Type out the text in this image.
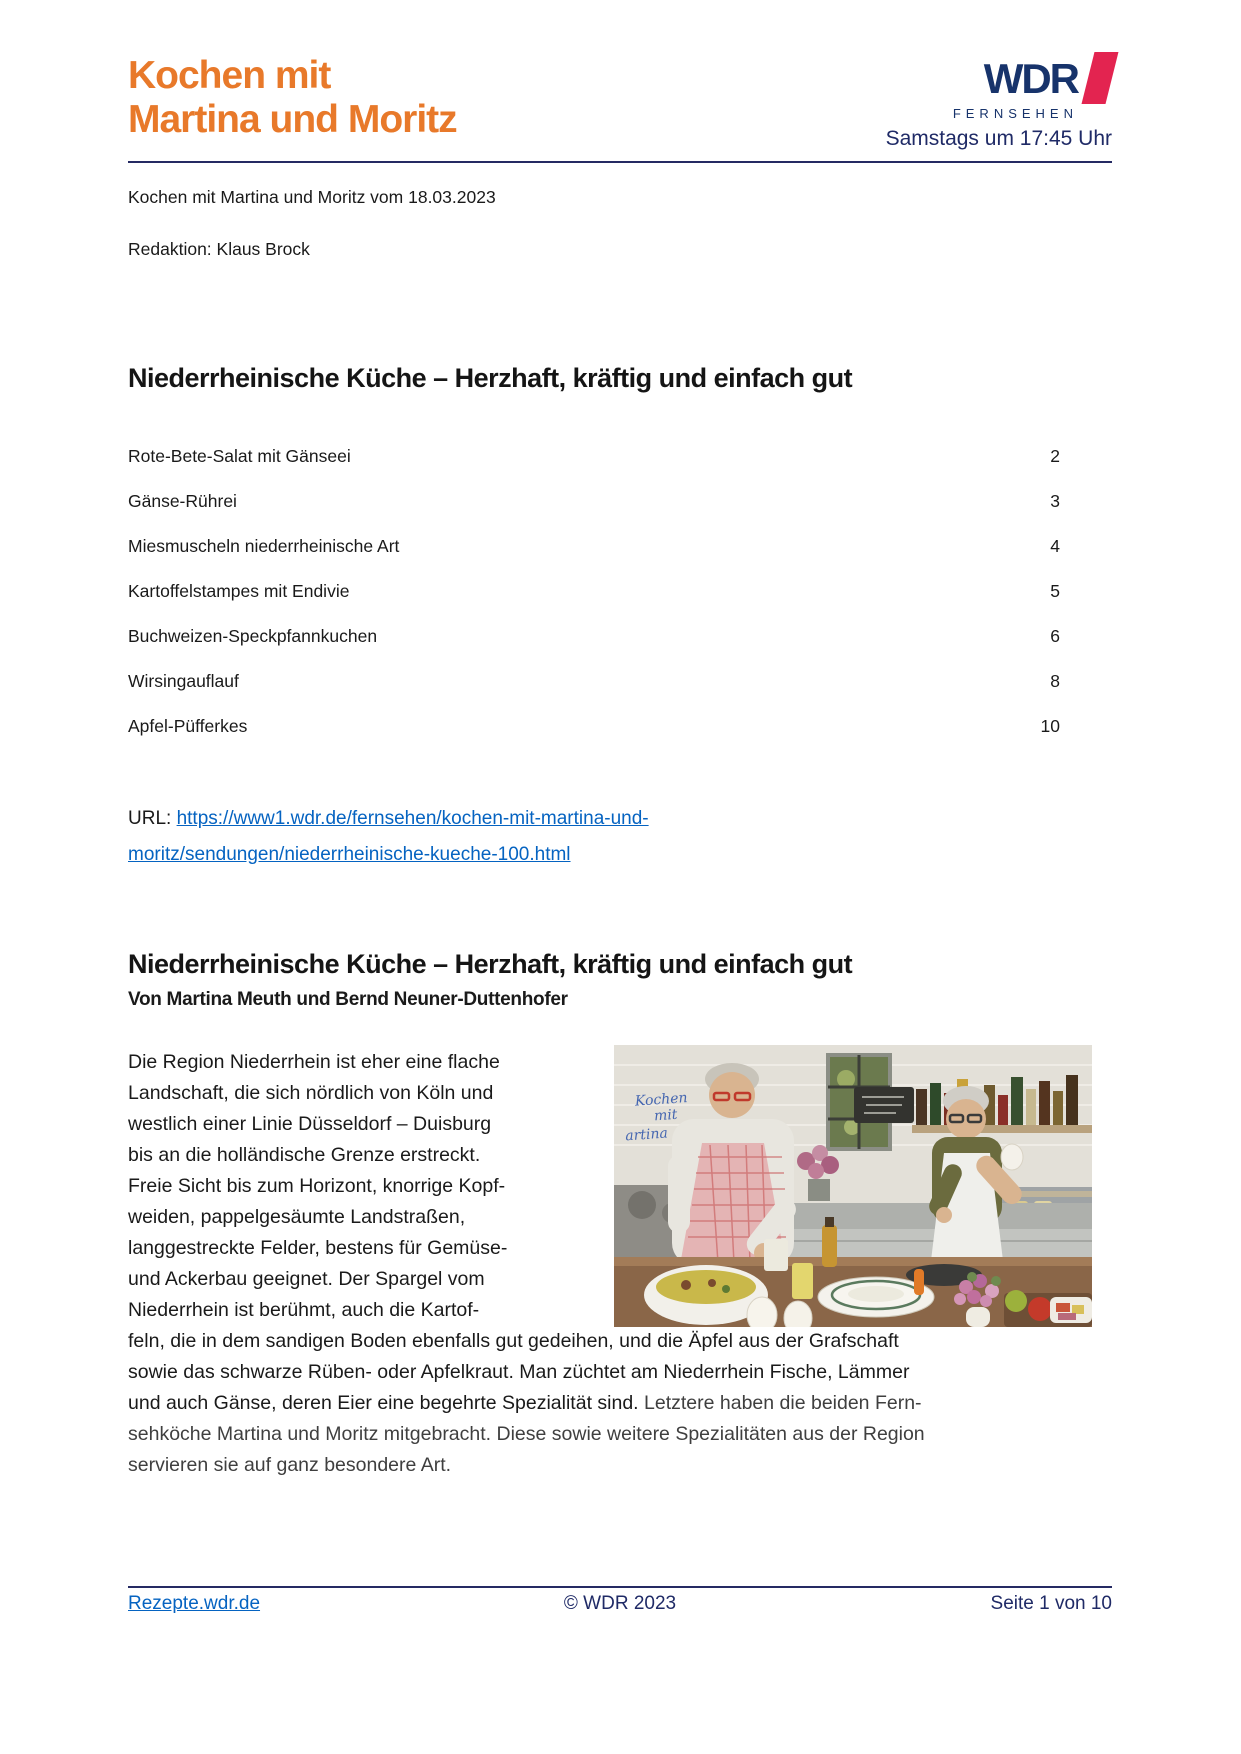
Kochen mit
Martina und Moritz
WDR
FERNSEHEN
Samstags um 17:45 Uhr
Kochen mit Martina und Moritz vom 18.03.2023
Redaktion: Klaus Brock
Niederrheinische Küche – Herzhaft, kräftig und einfach gut
Rote-Bete-Salat mit Gänseei	2
Gänse-Rührei	3
Miesmuscheln niederrheinische Art	4
Kartoffelstampes mit Endivie	5
Buchweizen-Speckpfannkuchen	6
Wirsingauflauf	8
Apfel-Püfferkes	10
URL: https://www1.wdr.de/fernsehen/kochen-mit-martina-und-
moritz/sendungen/niederrheinische-kueche-100.html
Niederrheinische Küche – Herzhaft, kräftig und einfach gut
Von Martina Meuth und Bernd Neuner-Duttenhofer
Kochen
mit
artina
Die Region Niederrhein ist eher eine flache
Landschaft, die sich nördlich von Köln und
westlich einer Linie Düsseldorf – Duisburg
bis an die holländische Grenze erstreckt.
Freie Sicht bis zum Horizont, knorrige Kopf-
weiden, pappelgesäumte Landstraßen,
langgestreckte Felder, bestens für Gemüse-
und Ackerbau geeignet. Der Spargel vom
Niederrhein ist berühmt, auch die Kartof-
feln, die in dem sandigen Boden ebenfalls gut gedeihen, und die Äpfel aus der Grafschaft
sowie das schwarze Rüben- oder Apfelkraut. Man züchtet am Niederrhein Fische, Lämmer
und auch Gänse, deren Eier eine begehrte Spezialität sind. Letztere haben die beiden Fern-
sehköche Martina und Moritz mitgebracht. Diese sowie weitere Spezialitäten aus der Region
servieren sie auf ganz besondere Art.
Rezepte.wdr.de	© WDR 2023	Seite 1 von 10
